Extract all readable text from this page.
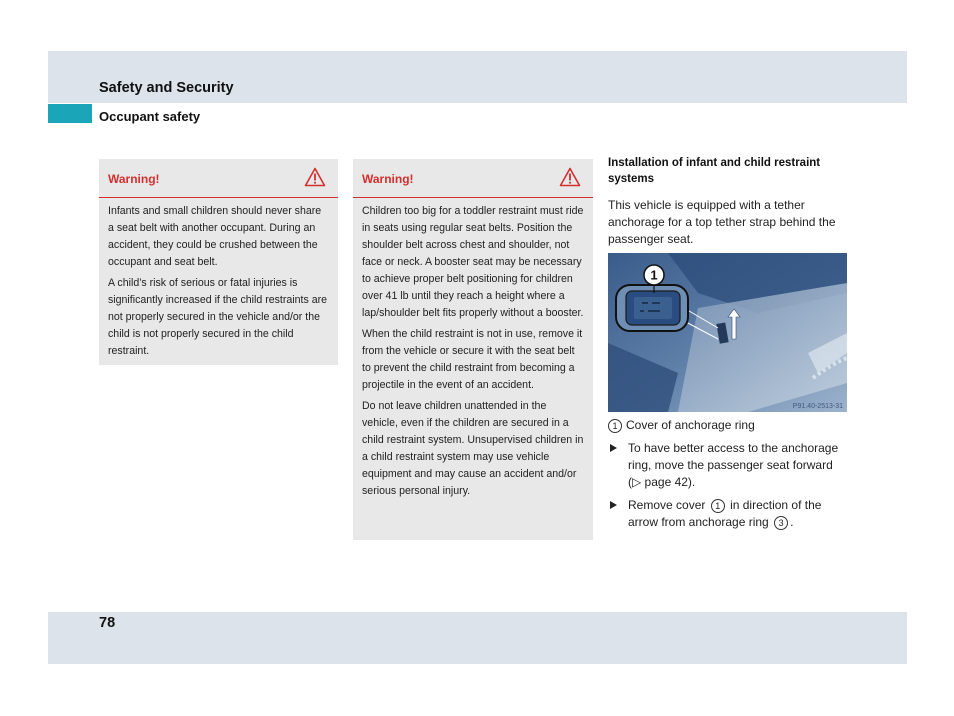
Safety and Security
Occupant safety
Warning!

Infants and small children should never share a seat belt with another occupant. During an accident, they could be crushed between the occupant and seat belt.

A child’s risk of serious or fatal injuries is significantly increased if the child restraints are not properly secured in the vehicle and/or the child is not properly secured in the child restraint.

Warning!

Children too big for a toddler restraint must ride in seats using regular seat belts. Position the shoulder belt across chest and shoulder, not face or neck. A booster seat may be necessary to achieve proper belt positioning for children over 41 lb until they reach a height where a lap/shoulder belt fits properly without a booster.

When the child restraint is not in use, remove it from the vehicle or secure it with the seat belt to prevent the child restraint from becoming a projectile in the event of an accident.

Do not leave children unattended in the vehicle, even if the children are secured in a child restraint system. Unsupervised children in a child restraint system may use vehicle equipment and may cause an accident and/or serious personal injury.

Installation of infant and child restraint systems

This vehicle is equipped with a tether anchorage for a top tether strap behind the passenger seat.

1
P91.40-2513-31
1 Cover of anchorage ring
To have better access to the anchorage ring, move the passenger seat forward (▷ page 42).
Remove cover 1 in direction of the arrow from anchorage ring 3 .
78
